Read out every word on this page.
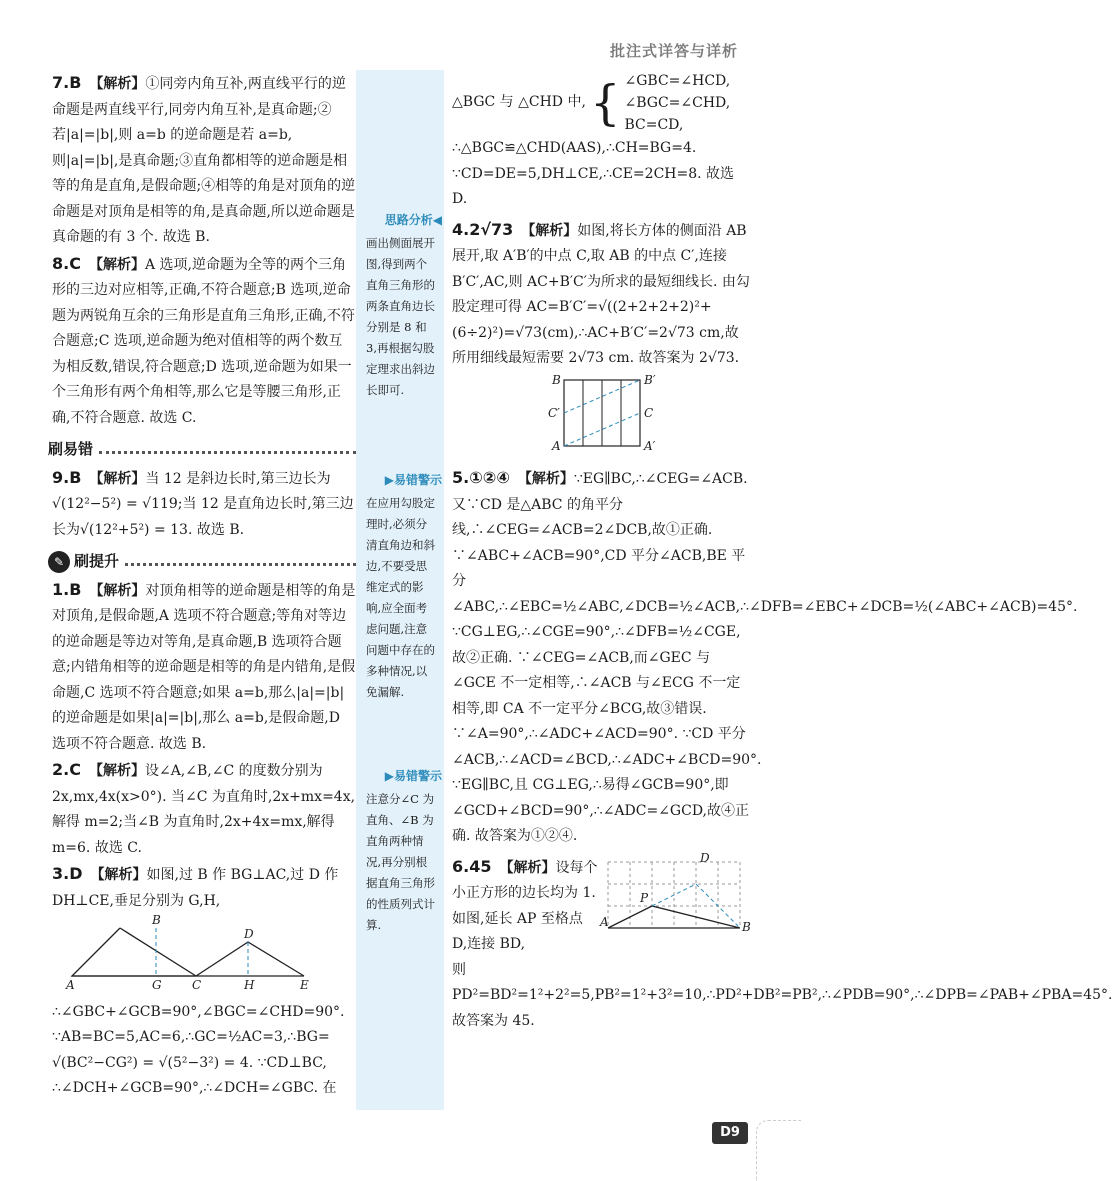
批注式详答与详析

7.B 【解析】①同旁内角互补,两直线平行的逆命题是两直线平行,同旁内角互补,是真命题;②若|a|=|b|,则 a=b 的逆命题是若 a=b,则|a|=|b|,是真命题;③直角都相等的逆命题是相等的角是直角,是假命题;④相等的角是对顶角的逆命题是对顶角是相等的角,是真命题,所以逆命题是真命题的有 3 个. 故选 B.

8.C 【解析】A 选项,逆命题为全等的两个三角形的三边对应相等,正确,不符合题意;B 选项,逆命题为两锐角互余的三角形是直角三角形,正确,不符合题意;C 选项,逆命题为绝对值相等的两个数互为相反数,错误,符合题意;D 选项,逆命题为如果一个三角形有两个角相等,那么它是等腰三角形,正确,不符合题意. 故选 C.

刷易错

9.B 【解析】当 12 是斜边长时,第三边长为√(12²−5²) = √119;当 12 是直角边长时,第三边长为√(12²+5²) = 13. 故选 B.

✎ 刷提升

1.B 【解析】对顶角相等的逆命题是相等的角是对顶角,是假命题,A 选项不符合题意;等角对等边的逆命题是等边对等角,是真命题,B 选项符合题意;内错角相等的逆命题是相等的角是内错角,是假命题,C 选项不符合题意;如果 a=b,那么|a|=|b|的逆命题是如果|a|=|b|,那么 a=b,是假命题,D 选项不符合题意. 故选 B.

2.C 【解析】设∠A,∠B,∠C 的度数分别为 2x,mx,4x(x>0°). 当∠C 为直角时,2x+mx=4x,解得 m=2;当∠B 为直角时,2x+4x=mx,解得 m=6. 故选 C.

3.D 【解析】如图,过 B 作 BG⊥AC,过 D 作 DH⊥CE,垂足分别为 G,H,

B
D
A	G	C	H	E

∴∠GBC+∠GCB=90°,∠BGC=∠CHD=90°.

∵AB=BC=5,AC=6,∴GC=½AC=3,∴BG=

√(BC²−CG²) = √(5²−3²) = 4. ∵CD⊥BC,

∴∠DCH+∠GCB=90°,∴∠DCH=∠GBC. 在

思路分析◀
画出侧面展开图,得到两个直角三角形的两条直角边长分别是 8 和 3,再根据勾股定理求出斜边长即可.
▶易错警示
在应用勾股定理时,必须分清直角边和斜边,不要受思维定式的影响,应全面考虑问题,注意问题中存在的多种情况,以免漏解.
▶易错警示
注意分∠C 为直角、∠B 为直角两种情况,再分别根据直角三角形的性质列式计算.
△BGC 与 △CHD 中, { ∠GBC=∠HCD,
∠BGC=∠CHD,
BC=CD,

∴△BGC≌△CHD(AAS),∴CH=BG=4.

∵CD=DE=5,DH⊥CE,∴CE=2CH=8. 故选 D.

4.2√73 【解析】如图,将长方体的侧面沿 AB 展开,取 A′B′的中点 C,取 AB 的中点 C′,连接 B′C′,AC,则 AC+B′C′为所求的最短细线长. 由勾股定理可得 AC=B′C′=√((2+2+2+2)²+(6÷2)²)=√73(cm),∴AC+B′C′=2√73 cm,故所用细线最短需要 2√73 cm. 故答案为 2√73.

B	B′
C′	C
A	A′

5.①②④ 【解析】∵EG∥BC,∴∠CEG=∠ACB. 又∵CD 是△ABC 的角平分线,∴∠CEG=∠ACB=2∠DCB,故①正确. ∵∠ABC+∠ACB=90°,CD 平分∠ACB,BE 平分∠ABC,∴∠EBC=½∠ABC,∠DCB=½∠ACB,∴∠DFB=∠EBC+∠DCB=½(∠ABC+∠ACB)=45°. ∵CG⊥EG,∴∠CGE=90°,∴∠DFB=½∠CGE,故②正确. ∵∠CEG=∠ACB,而∠GEC 与∠GCE 不一定相等,∴∠ACB 与∠ECG 不一定相等,即 CA 不一定平分∠BCG,故③错误. ∵∠A=90°,∴∠ADC+∠ACD=90°. ∵CD 平分∠ACB,∴∠ACD=∠BCD,∴∠ADC+∠BCD=90°. ∵EG∥BC,且 CG⊥EG,∴易得∠GCB=90°,即∠GCD+∠BCD=90°,∴∠ADC=∠GCD,故④正确. 故答案为①②④.

6.45 【解析】设每个小正方形的边长均为 1. 如图,延长 AP 至格点 D,连接 BD,

D
P
A	B

则 PD²=BD²=1²+2²=5,PB²=1²+3²=10,∴PD²+DB²=PB²,∴∠PDB=90°,∴∠DPB=∠PAB+∠PBA=45°. 故答案为 45.

D9
